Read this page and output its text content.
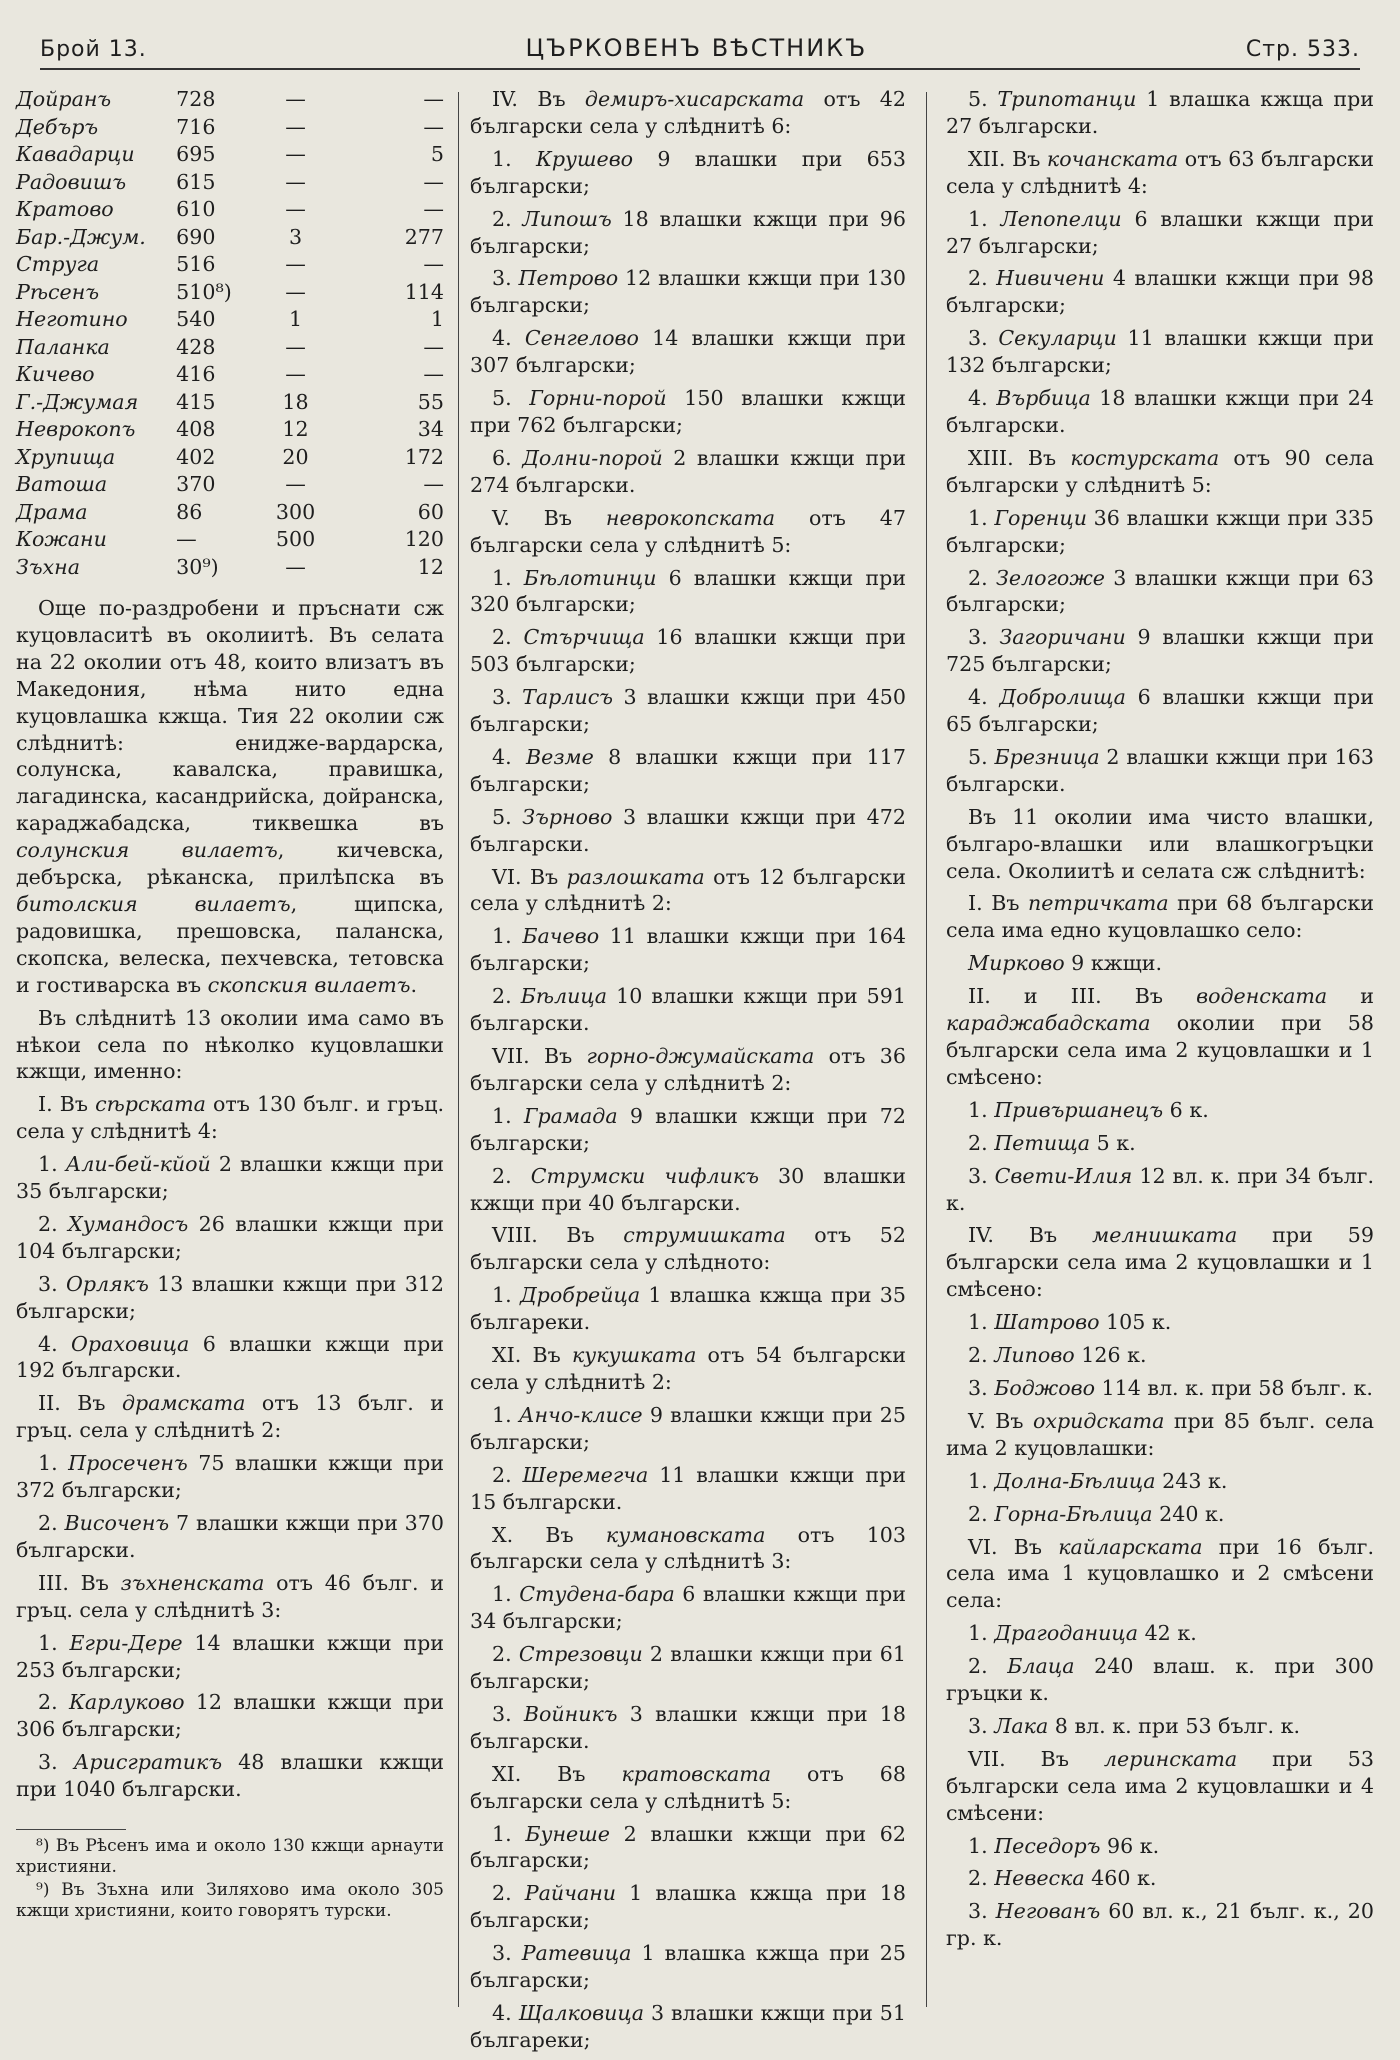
Брой 13.	ЦЪРКОВЕНЪ ВѢСТНИКЪ	Стр. 533.
Дойранъ	728	—	—
Дебъръ	716	—	—
Кавадарци	695	—	5
Радовишъ	615	—	—
Кратово	610	—	—
Бар.-Джум.	690	3	277
Струга	516	—	—
Рѣсенъ	510⁸)	—	114
Неготино	540	1	1
Паланка	428	—	—
Кичево	416	—	—
Г.-Джумая	415	18	55
Неврокопъ	408	12	34
Хрупища	402	20	172
Ватоша	370	—	—
Драма	86	300	60
Кожани	—	500	120
Зъхна	30⁹)	—	12

Още по-раздробени и пръснати сж куцовласитѣ въ околиитѣ. Въ селата на 22 околии отъ 48, които влизатъ въ Македония, нѣма нито една куцовлашка кжща. Тия 22 околии сж слѣднитѣ: енидже-вардарска, солунска, кавалска, правишка, лагадинска, касандрийска, дойранска, караджабадска, тиквешка въ солунския вилаетъ, кичевска, дебърска, рѣканска, прилѣпска въ битолския вилаетъ, щипска, радовишка, прешовска, паланска, скопска, велеска, пехчевска, тетовска и гостиварска въ скопския вилаетъ.

Въ слѣднитѣ 13 околии има само въ нѣкои села по нѣколко куцовлашки кжщи, именно:

I. Въ сѣрската отъ 130 бълг. и гръц. села у слѣднитѣ 4:

1. Али-бей-кйой 2 влашки кжщи при 35 български;

2. Хумандосъ 26 влашки кжщи при 104 български;

3. Орлякъ 13 влашки кжщи при 312 български;

4. Ораховица 6 влашки кжщи при 192 български.

II. Въ драмската отъ 13 бълг. и гръц. села у слѣднитѣ 2:

1. Просеченъ 75 влашки кжщи при 372 български;

2. Височенъ 7 влашки кжщи при 370 български.

III. Въ зъхненската отъ 46 бълг. и гръц. села у слѣднитѣ 3:

1. Егри-Дере 14 влашки кжщи при 253 български;

2. Карлуково 12 влашки кжщи при 306 български;

3. Арисгратикъ 48 влашки кжщи при 1040 български.

⁸) Въ Рѣсенъ има и около 130 кжщи арнаути християни.

⁹) Въ Зъхна или Зиляхово има около 305 кжщи християни, които говорятъ турски.

IV. Въ демиръ-хисарската отъ 42 български села у слѣднитѣ 6:

1. Крушево 9 влашки при 653 български;

2. Липошъ 18 влашки кжщи при 96 български;

3. Петрово 12 влашки кжщи при 130 български;

4. Сенгелово 14 влашки кжщи при 307 български;

5. Горни-порой 150 влашки кжщи при 762 български;

6. Долни-порой 2 влашки кжщи при 274 български.

V. Въ неврокопската отъ 47 български села у слѣднитѣ 5:

1. Бѣлотинци 6 влашки кжщи при 320 български;

2. Стърчища 16 влашки кжщи при 503 български;

3. Тарлисъ 3 влашки кжщи при 450 български;

4. Везме 8 влашки кжщи при 117 български;

5. Зърново 3 влашки кжщи при 472 български.

VI. Въ разлошката отъ 12 български села у слѣднитѣ 2:

1. Бачево 11 влашки кжщи при 164 български;

2. Бѣлица 10 влашки кжщи при 591 български.

VII. Въ горно-джумайската отъ 36 български села у слѣднитѣ 2:

1. Грамада 9 влашки кжщи при 72 български;

2. Струмски чифликъ 30 влашки кжщи при 40 български.

VIII. Въ струмишката отъ 52 български села у слѣдното:

1. Дробрейца 1 влашка кжща при 35 българеки.

XI. Въ кукушката отъ 54 български села у слѣднитѣ 2:

1. Анчо-клисе 9 влашки кжщи при 25 български;

2. Шеремегча 11 влашки кжщи при 15 български.

X. Въ кумановската отъ 103 български села у слѣднитѣ 3:

1. Студена-бара 6 влашки кжщи при 34 български;

2. Стрезовци 2 влашки кжщи при 61 български;

3. Войникъ 3 влашки кжщи при 18 български.

XI. Въ кратовската отъ 68 български села у слѣднитѣ 5:

1. Бунеше 2 влашки кжщи при 62 български;

2. Райчани 1 влашка кжща при 18 български;

3. Ратевица 1 влашка кжща при 25 български;

4. Щалковица 3 влашки кжщи при 51 българеки;

5. Трипотанци 1 влашка кжща при 27 български.

XII. Въ кочанската отъ 63 български села у слѣднитѣ 4:

1. Лепопелци 6 влашки кжщи при 27 български;

2. Нивичени 4 влашки кжщи при 98 български;

3. Секуларци 11 влашки кжщи при 132 български;

4. Върбица 18 влашки кжщи при 24 български.

XIII. Въ костурската отъ 90 села български у слѣднитѣ 5:

1. Горенци 36 влашки кжщи при 335 български;

2. Зелогоже 3 влашки кжщи при 63 български;

3. Загоричани 9 влашки кжщи при 725 български;

4. Добролища 6 влашки кжщи при 65 български;

5. Брезница 2 влашки кжщи при 163 български.

Въ 11 околии има чисто влашки, българо-влашки или влашкогръцки села. Околиитѣ и селата сж слѣднитѣ:

I. Въ петричката при 68 български села има едно куцовлашко село:

Мирково 9 кжщи.

II. и III. Въ воденската и караджабадската околии при 58 български села има 2 куцовлашки и 1 смѣсено:

1. Привършанецъ 6 к.

2. Петища 5 к.

3. Свети-Илия 12 вл. к. при 34 бълг. к.

IV. Въ мелнишката при 59 български села има 2 куцовлашки и 1 смѣсено:

1. Шатрово 105 к.

2. Липово 126 к.

3. Боджово 114 вл. к. при 58 бълг. к.

V. Въ охридската при 85 бълг. села има 2 куцовлашки:

1. Долна-Бѣлица 243 к.

2. Горна-Бѣлица 240 к.

VI. Въ кайларската при 16 бълг. села има 1 куцовлашко и 2 смѣсени села:

1. Драгоданица 42 к.

2. Блаца 240 влаш. к. при 300 гръцки к.

3. Лака 8 вл. к. при 53 бълг. к.

VII. Въ леринската при 53 български села има 2 куцовлашки и 4 смѣсени:

1. Песедоръ 96 к.

2. Невеска 460 к.

3. Негованъ 60 вл. к., 21 бълг. к., 20 гр. к.
